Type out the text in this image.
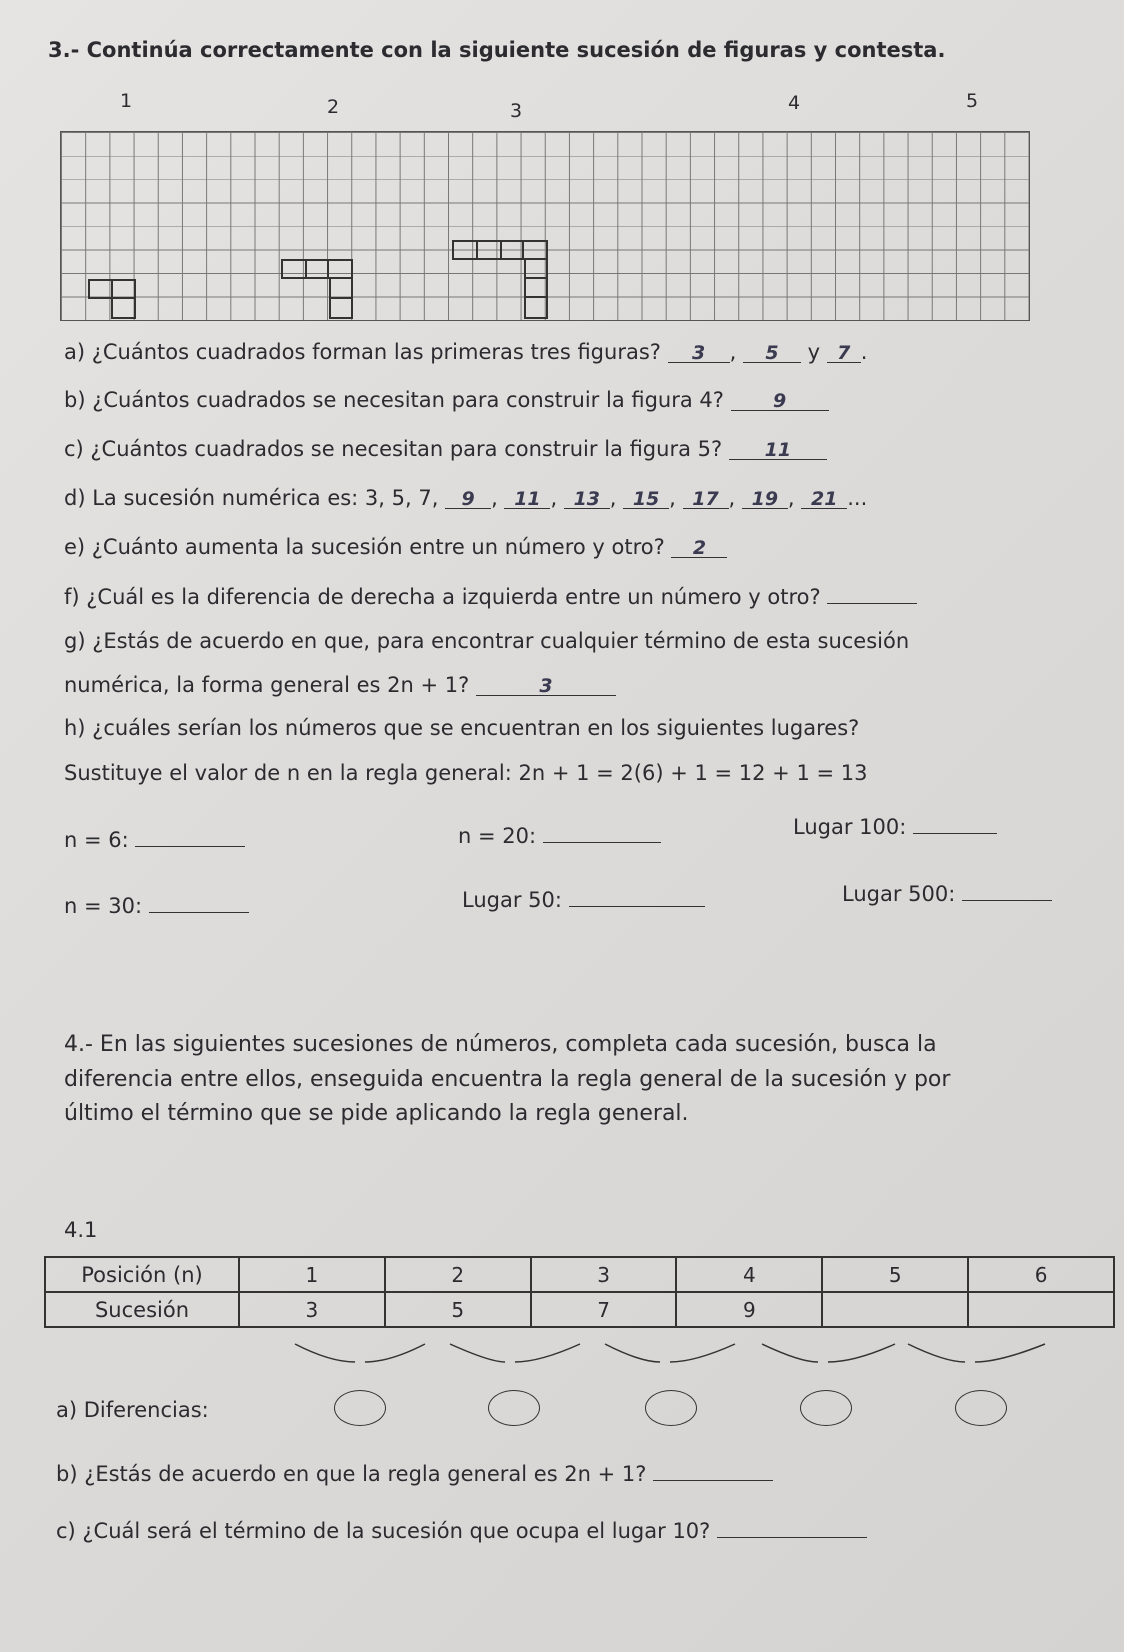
3.- Continúa correctamente con la siguiente sucesión de figuras y contesta.
1	2	3	4	5
a) ¿Cuántos cuadrados forman las primeras tres figuras? 3 , 5 y 7 .
b) ¿Cuántos cuadrados se necesitan para construir la figura 4?	9
c) ¿Cuántos cuadrados se necesitan para construir la figura 5? 11
d) La sucesión numérica es: 3, 5, 7, 9 , 11 , 13 , 15 , 17 , 19 , 21 ...
e) ¿Cuánto aumenta la sucesión entre un número y otro? 2
f) ¿Cuál es la diferencia de derecha a izquierda entre un número y otro?
g) ¿Estás de acuerdo en que, para encontrar cualquier término de esta sucesión
numérica, la forma general es 2n + 1?	3
h) ¿cuáles serían los números que se encuentran en los siguientes lugares?
Sustituye el valor de n en la regla general: 2n + 1 = 2(6) + 1 = 12 + 1 = 13
n = 6:	n = 20:	Lugar 100:
n = 30:	Lugar 50:	Lugar 500:
4.- En las siguientes sucesiones de números, completa cada sucesión, busca la
diferencia entre ellos, enseguida encuentra la regla general de la sucesión y por
último el término que se pide aplicando la regla general.
4.1
Posición (n)	1	2	3	4	5	6
Sucesión	3	5	7	9		
a) Diferencias:
b) ¿Estás de acuerdo en que la regla general es 2n + 1?
c) ¿Cuál será el término de la sucesión que ocupa el lugar 10?
